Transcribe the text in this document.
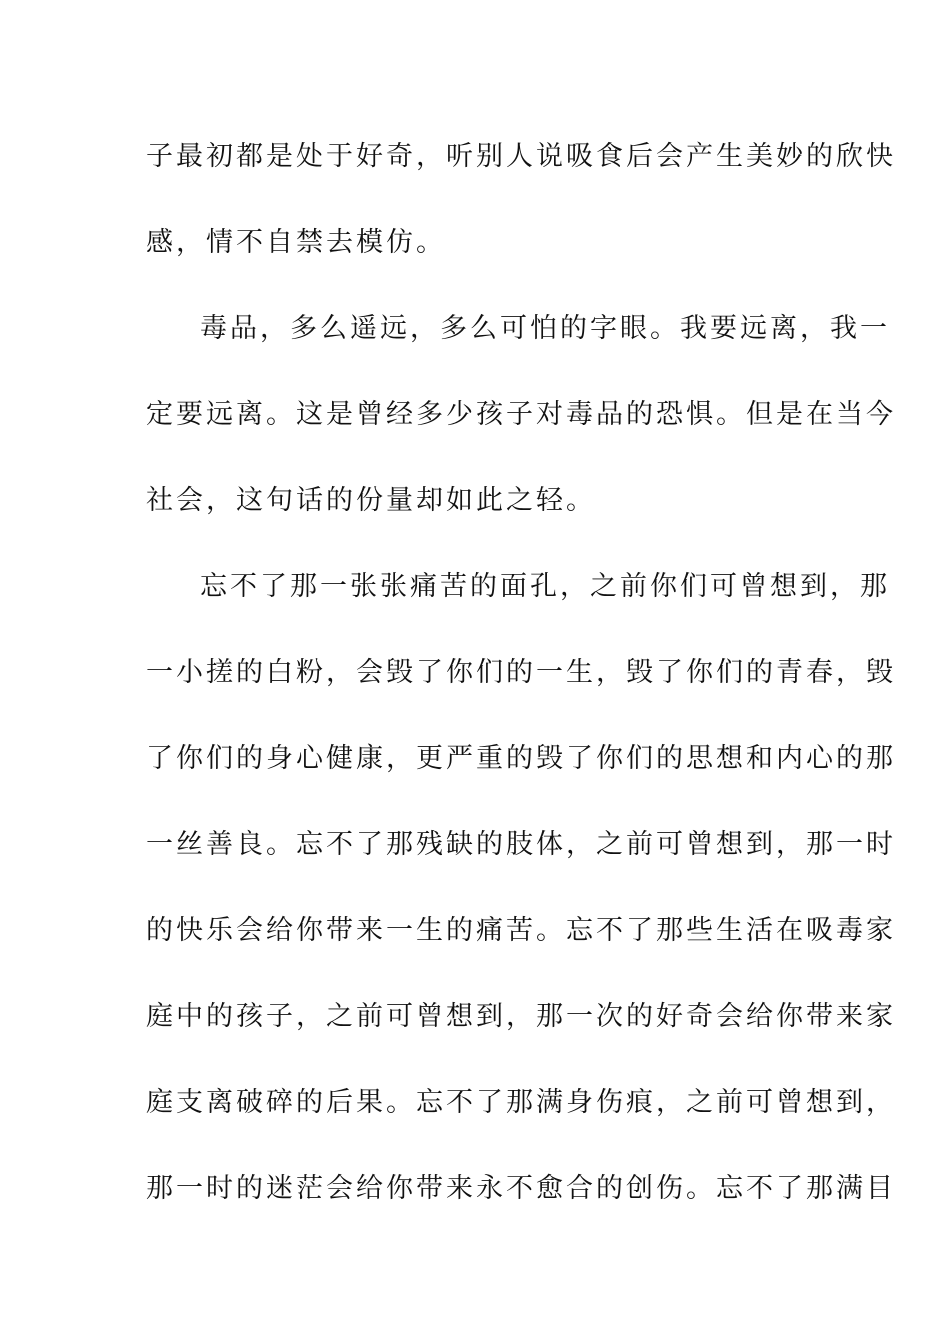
子最初都是处于好奇，听别人说吸食后会产生美妙的欣快
感，情不自禁去模仿。
毒品，多么遥远，多么可怕的字眼。我要远离，我一
定要远离。这是曾经多少孩子对毒品的恐惧。但是在当今
社会，这句话的份量却如此之轻。
忘不了那一张张痛苦的面孔，之前你们可曾想到，那
一小搓的白粉，会毁了你们的一生，毁了你们的青春，毁
了你们的身心健康，更严重的毁了你们的思想和内心的那
一丝善良。忘不了那残缺的肢体，之前可曾想到，那一时
的快乐会给你带来一生的痛苦。忘不了那些生活在吸毒家
庭中的孩子，之前可曾想到，那一次的好奇会给你带来家
庭支离破碎的后果。忘不了那满身伤痕，之前可曾想到，
那一时的迷茫会给你带来永不愈合的创伤。忘不了那满目
